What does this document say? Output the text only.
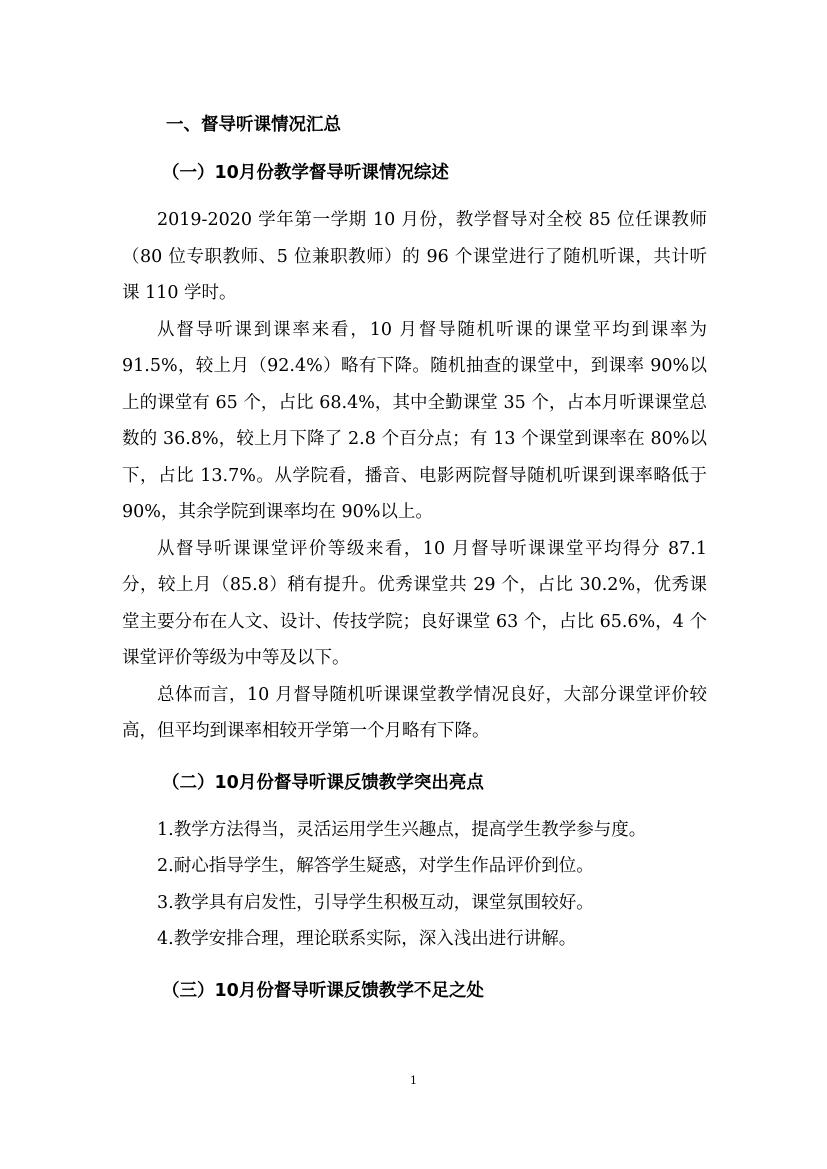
一、督导听课情况汇总
（一）10月份教学督导听课情况综述

2019-2020 学年第一学期 10 月份，教学督导对全校 85 位任课教师（80 位专职教师、5 位兼职教师）的 96 个课堂进行了随机听课，共计听课 110 学时。

从督导听课到课率来看，10 月督导随机听课的课堂平均到课率为 91.5%，较上月（92.4%）略有下降。随机抽查的课堂中，到课率 90%以上的课堂有 65 个，占比 68.4%，其中全勤课堂 35 个，占本月听课课堂总数的 36.8%，较上月下降了 2.8 个百分点；有 13 个课堂到课率在 80%以下，占比 13.7%。从学院看，播音、电影两院督导随机听课到课率略低于 90%，其余学院到课率均在 90%以上。

从督导听课课堂评价等级来看，10 月督导听课课堂平均得分 87.1 分，较上月（85.8）稍有提升。优秀课堂共 29 个，占比 30.2%，优秀课堂主要分布在人文、设计、传技学院；良好课堂 63 个，占比 65.6%，4 个课堂评价等级为中等及以下。

总体而言，10 月督导随机听课课堂教学情况良好，大部分课堂评价较高，但平均到课率相较开学第一个月略有下降。

（二）10月份督导听课反馈教学突出亮点
1.教学方法得当，灵活运用学生兴趣点，提高学生教学参与度。
2.耐心指导学生，解答学生疑惑，对学生作品评价到位。
3.教学具有启发性，引导学生积极互动，课堂氛围较好。
4.教学安排合理，理论联系实际，深入浅出进行讲解。
（三）10月份督导听课反馈教学不足之处
1
